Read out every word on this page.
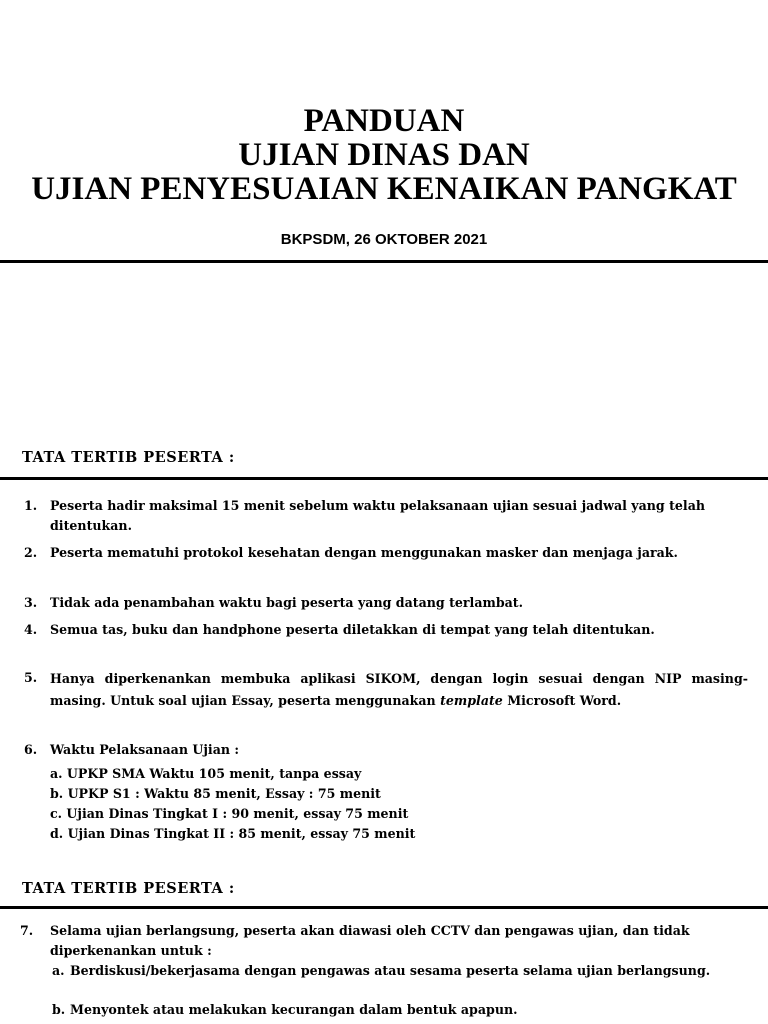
PANDUAN
UJIAN DINAS DAN
UJIAN PENYESUAIAN KENAIKAN PANGKAT
BKPSDM, 26 OKTOBER 2021
TATA TERTIB PESERTA :
1. Peserta hadir maksimal 15 menit sebelum waktu pelaksanaan ujian sesuai jadwal yang telah ditentukan.
2. Peserta mematuhi protokol kesehatan dengan menggunakan masker dan menjaga jarak.
3. Tidak ada penambahan waktu bagi peserta yang datang terlambat.
4. Semua tas, buku dan handphone peserta diletakkan di tempat yang telah ditentukan.
5. Hanya diperkenankan membuka aplikasi SIKOM, dengan login sesuai dengan NIP masing-masing. Untuk soal ujian Essay, peserta menggunakan template Microsoft Word.
6. Waktu Pelaksanaan Ujian :
a. UPKP SMA Waktu 105 menit, tanpa essay
b. UPKP S1 : Waktu 85 menit, Essay : 75 menit
c. Ujian Dinas Tingkat I : 90 menit, essay 75 menit
d. Ujian Dinas Tingkat II : 85 menit, essay 75 menit
TATA TERTIB PESERTA :
7. Selama ujian berlangsung, peserta akan diawasi oleh CCTV dan pengawas ujian, dan tidak diperkenankan untuk :
a. Berdiskusi/bekerjasama dengan pengawas atau sesama peserta selama ujian berlangsung.
b. Menyontek atau melakukan kecurangan dalam bentuk apapun.
